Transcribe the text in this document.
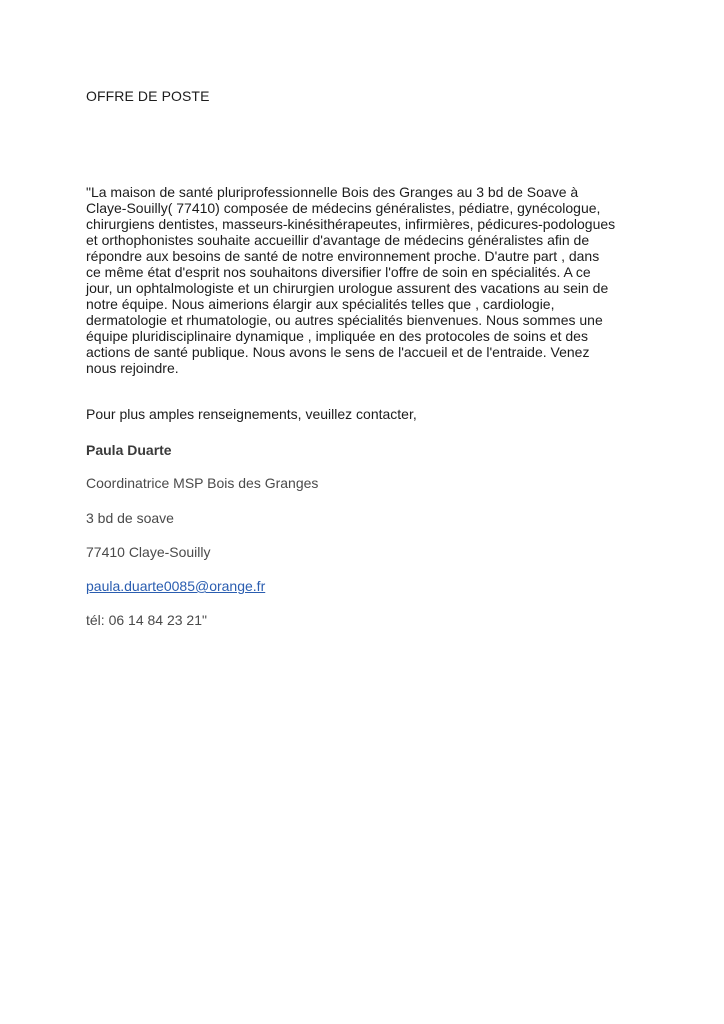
OFFRE DE POSTE
"La maison de santé pluriprofessionnelle Bois des Granges au 3 bd de Soave à
Claye-Souilly( 77410) composée de médecins généralistes, pédiatre, gynécologue,
chirurgiens dentistes, masseurs-kinésithérapeutes, infirmières, pédicures-podologues
et orthophonistes souhaite accueillir d'avantage de médecins généralistes afin de
répondre aux besoins de santé de notre environnement proche. D'autre part , dans
ce même état d'esprit nos souhaitons diversifier l'offre de soin en spécialités. A ce
jour, un ophtalmologiste et un chirurgien urologue assurent des vacations au sein de
notre équipe. Nous aimerions élargir aux spécialités telles que , cardiologie,
dermatologie et rhumatologie, ou autres spécialités bienvenues. Nous sommes une
équipe pluridisciplinaire dynamique , impliquée en des protocoles de soins et des
actions de santé publique. Nous avons le sens de l'accueil et de l'entraide. Venez
nous rejoindre.
Pour plus amples renseignements, veuillez contacter,
Paula Duarte
Coordinatrice MSP Bois des Granges
3 bd de soave
77410 Claye-Souilly
paula.duarte0085@orange.fr
tél: 06 14 84 23 21"
